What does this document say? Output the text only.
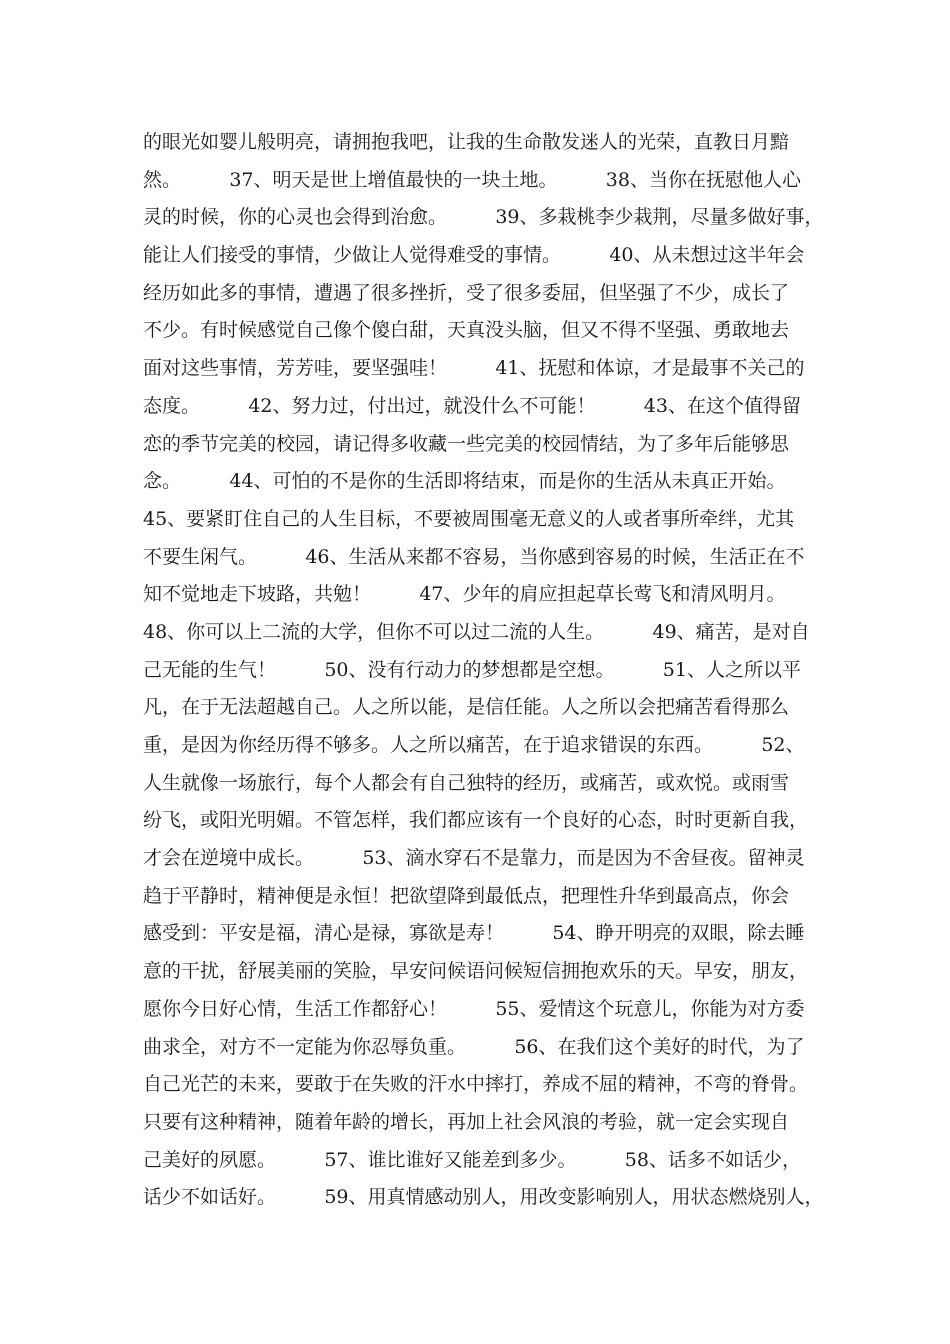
的眼光如婴儿般明亮，请拥抱我吧，让我的生命散发迷人的光荣，直教日月黯
然。        37、明天是世上增值最快的一块土地。        38、当你在抚慰他人心
灵的时候，你的心灵也会得到治愈。        39、多栽桃李少栽荆，尽量多做好事，
能让人们接受的事情，少做让人觉得难受的事情。        40、从未想过这半年会
经历如此多的事情，遭遇了很多挫折，受了很多委屈，但坚强了不少，成长了
不少。有时候感觉自己像个傻白甜，天真没头脑，但又不得不坚强、勇敢地去
面对这些事情，芳芳哇，要坚强哇！        41、抚慰和体谅，才是最事不关己的
态度。        42、努力过，付出过，就没什么不可能！        43、在这个值得留
恋的季节完美的校园，请记得多收藏一些完美的校园情结，为了多年后能够思
念。        44、可怕的不是你的生活即将结束，而是你的生活从未真正开始。
45、要紧盯住自己的人生目标，不要被周围毫无意义的人或者事所牵绊，尤其
不要生闲气。        46、生活从来都不容易，当你感到容易的时候，生活正在不
知不觉地走下坡路，共勉！        47、少年的肩应担起草长莺飞和清风明月。
48、你可以上二流的大学，但你不可以过二流的人生。        49、痛苦，是对自
己无能的生气！        50、没有行动力的梦想都是空想。        51、人之所以平
凡，在于无法超越自己。人之所以能，是信任能。人之所以会把痛苦看得那么
重，是因为你经历得不够多。人之所以痛苦，在于追求错误的东西。        52、
人生就像一场旅行，每个人都会有自己独特的经历，或痛苦，或欢悦。或雨雪
纷飞，或阳光明媚。不管怎样，我们都应该有一个良好的心态，时时更新自我，
才会在逆境中成长。        53、滴水穿石不是靠力，而是因为不舍昼夜。留神灵
趋于平静时，精神便是永恒！把欲望降到最低点，把理性升华到最高点，你会
感受到：平安是福，清心是禄，寡欲是寿！        54、睁开明亮的双眼，除去睡
意的干扰，舒展美丽的笑脸，早安问候语问候短信拥抱欢乐的天。早安，朋友，
愿你今日好心情，生活工作都舒心！        55、爱情这个玩意儿，你能为对方委
曲求全，对方不一定能为你忍辱负重。        56、在我们这个美好的时代，为了
自己光芒的未来，要敢于在失败的汗水中摔打，养成不屈的精神，不弯的脊骨。
只要有这种精神，随着年龄的增长，再加上社会风浪的考验，就一定会实现自
己美好的夙愿。        57、谁比谁好又能差到多少。        58、话多不如话少，
话少不如话好。        59、用真情感动别人，用改变影响别人，用状态燃烧别人，
